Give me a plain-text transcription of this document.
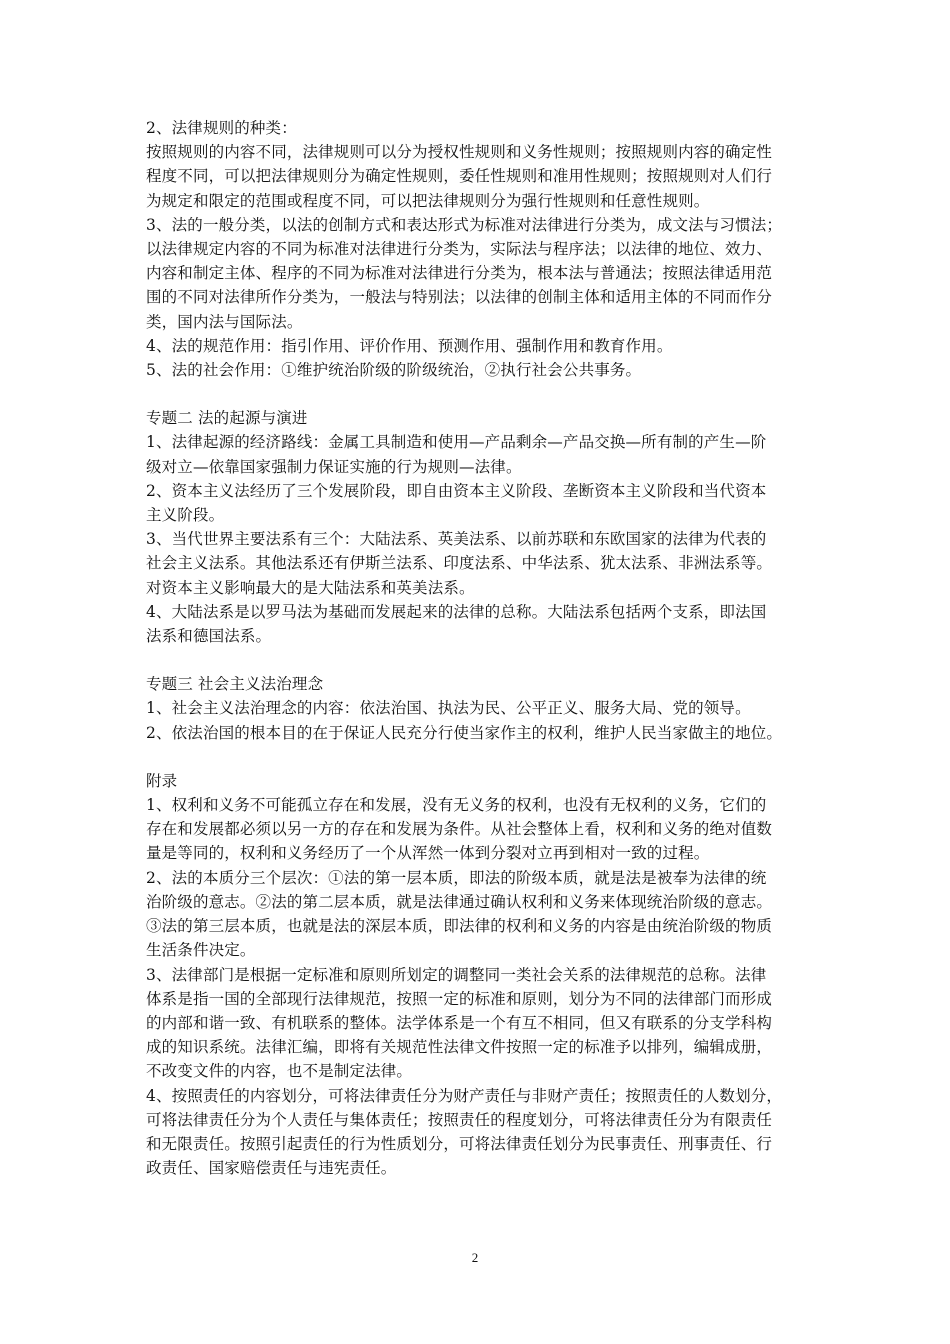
2、法律规则的种类：
按照规则的内容不同，法律规则可以分为授权性规则和义务性规则；按照规则内容的确定性
程度不同，可以把法律规则分为确定性规则，委任性规则和准用性规则；按照规则对人们行
为规定和限定的范围或程度不同，可以把法律规则分为强行性规则和任意性规则。
3、法的一般分类，以法的创制方式和表达形式为标准对法律进行分类为，成文法与习惯法；
以法律规定内容的不同为标准对法律进行分类为，实际法与程序法；以法律的地位、效力、
内容和制定主体、程序的不同为标准对法律进行分类为，根本法与普通法；按照法律适用范
围的不同对法律所作分类为，一般法与特别法；以法律的创制主体和适用主体的不同而作分
类，国内法与国际法。
4、法的规范作用：指引作用、评价作用、预测作用、强制作用和教育作用。
5、法的社会作用：①维护统治阶级的阶级统治，②执行社会公共事务。
专题二 法的起源与演进
1、法律起源的经济路线：金属工具制造和使用—产品剩余—产品交换—所有制的产生—阶
级对立—依靠国家强制力保证实施的行为规则—法律。
2、资本主义法经历了三个发展阶段，即自由资本主义阶段、垄断资本主义阶段和当代资本
主义阶段。
3、当代世界主要法系有三个：大陆法系、英美法系、以前苏联和东欧国家的法律为代表的
社会主义法系。其他法系还有伊斯兰法系、印度法系、中华法系、犹太法系、非洲法系等。
对资本主义影响最大的是大陆法系和英美法系。
4、大陆法系是以罗马法为基础而发展起来的法律的总称。大陆法系包括两个支系，即法国
法系和德国法系。
专题三 社会主义法治理念
1、社会主义法治理念的内容：依法治国、执法为民、公平正义、服务大局、党的领导。
2、依法治国的根本目的在于保证人民充分行使当家作主的权利，维护人民当家做主的地位。
附录
1、权利和义务不可能孤立存在和发展，没有无义务的权利，也没有无权利的义务，它们的
存在和发展都必须以另一方的存在和发展为条件。从社会整体上看，权利和义务的绝对值数
量是等同的，权利和义务经历了一个从浑然一体到分裂对立再到相对一致的过程。
2、法的本质分三个层次：①法的第一层本质，即法的阶级本质，就是法是被奉为法律的统
治阶级的意志。②法的第二层本质，就是法律通过确认权利和义务来体现统治阶级的意志。
③法的第三层本质，也就是法的深层本质，即法律的权利和义务的内容是由统治阶级的物质
生活条件决定。
3、法律部门是根据一定标准和原则所划定的调整同一类社会关系的法律规范的总称。法律
体系是指一国的全部现行法律规范，按照一定的标准和原则，划分为不同的法律部门而形成
的内部和谐一致、有机联系的整体。法学体系是一个有互不相同，但又有联系的分支学科构
成的知识系统。法律汇编，即将有关规范性法律文件按照一定的标准予以排列，编辑成册，
不改变文件的内容，也不是制定法律。
4、按照责任的内容划分，可将法律责任分为财产责任与非财产责任；按照责任的人数划分，
可将法律责任分为个人责任与集体责任；按照责任的程度划分，可将法律责任分为有限责任
和无限责任。按照引起责任的行为性质划分，可将法律责任划分为民事责任、刑事责任、行
政责任、国家赔偿责任与违宪责任。
2
